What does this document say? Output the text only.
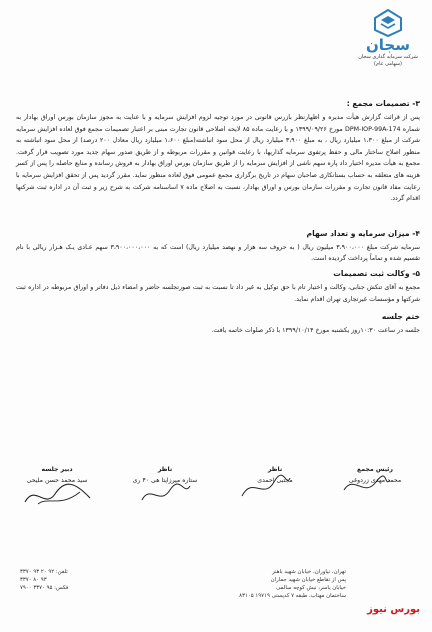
سجان
شرکت سرمایه گذاری سجان
(سهامی عام)
۳- تصمیمات مجمع :
پس از قرائت گزارش هیأت مدیره و اظهارنظر بازرس قانونی در مورد توجیه لزوم افزایش سرمایه و با عنایت به مجوز سازمان بورس اوراق بهادار به شماره DPM-IOP-99A-174 مورخ ۱۳۹۹/۰۹/۲۶ و با رعایت ماده ۸۵ لایحه اصلاحی قانون تجارت مبنی بر اعتبار تصمیمات مجمع فوق لعاده افزایش سرمایه شرکت از مبلغ ۱،۳۰۰ میلیارد ریال ، به مبلغ ۳،۹۰۰ میلیارد ریال از محل سود انباشته(مبلغ ۱،۶۰۰ میلیارد ریال معادل ۲۰۰ درصد) از محل سود انباشته به منظور اصلاح ساختار مالی و حفظ پرتفوی سرمایه گذاریها، با رعایت قوانین و مقررات مربوطه و از طریق صدور سهام جدید مورد تصویب قرار گرفت. مجمع به هیأت مدیره اختیار داد پاره سهم ناشی از افزایش سرمایه را از طریق سازمان بورس اوراق بهادار به فروش رسانده و منابع حاصله را پس از کسر هزینه های متعلقه به حساب بستانکاری صاحبان سهام در تاریخ برگزاری مجمع عمومی فوق لعاده منظور نماید. مقرر گردید پس از تحقق افزایش سرمایه با رعایت مفاد قانون تجارت و مقررات سازمان بورس و اوراق بهادار، نسبت به اصلاح ماده ۷ اساسنامه شرکت به شرح زیر و ثبت آن در اداره ثبت شرکتها اقدام گردد.
۴- میزان سرمایه و تعداد سهام
سرمایه شرکت مبلغ ۳،۹۰۰،۰۰۰ میلیون ریال ( به حروف سه هزار و نهصد میلیارد ریال) است که به ۳،۹۰۰،۰۰۰،۰۰۰ سهم عـادی یـک هـزار ریالی با نام تقسیم شده و تماماً پرداخت گردیده است.
۵- وکالت ثبت تصمیمات
مجمع به آقای تنکش جنابی، وکالت و اختیار تام با حق توکیل به غیر داد تا نسبت به ثبت صورتجلسه حاضر و امضاء ذیل دفاتر و اوراق مربوطه در اداره ثبت شرکتها و مؤسسات غیرتجاری تهران اقدام نماید.
ختم جلسه
جلسه در ساعت ۱۰:۳۰روز یکشنبه مورخ ۱۳۹۹/۱۰/۱۴ با ذکر صلوات خاتمه یافت.
رئیس مجمع
محمد مهدی زردوغی
ناظر
مجتبی احمدی
ناظر
ستاره میرزاپتا هی ۴۰ ری
دبیر جلسه
سید محمد حسن ملیحی
تلفن: ۹۲ ۲۰ ۹۳ ۳۳۷۰
۳۳۷۰ ۸۰ ۹۳
فکس: ۹۵ ۳۳۷۰ ۷۹۰۰
تهران، نیاوران، خیابان شهید باهنر
پس از تقاطع خیابان شهید جماران
خیابان یاسر، نبش کوچه سالمی
ساختمان مهتاب، طبقه ۷ کدپستی ۱۹۷۱۹ ۸۳۱۰۵
بورس نیوز
